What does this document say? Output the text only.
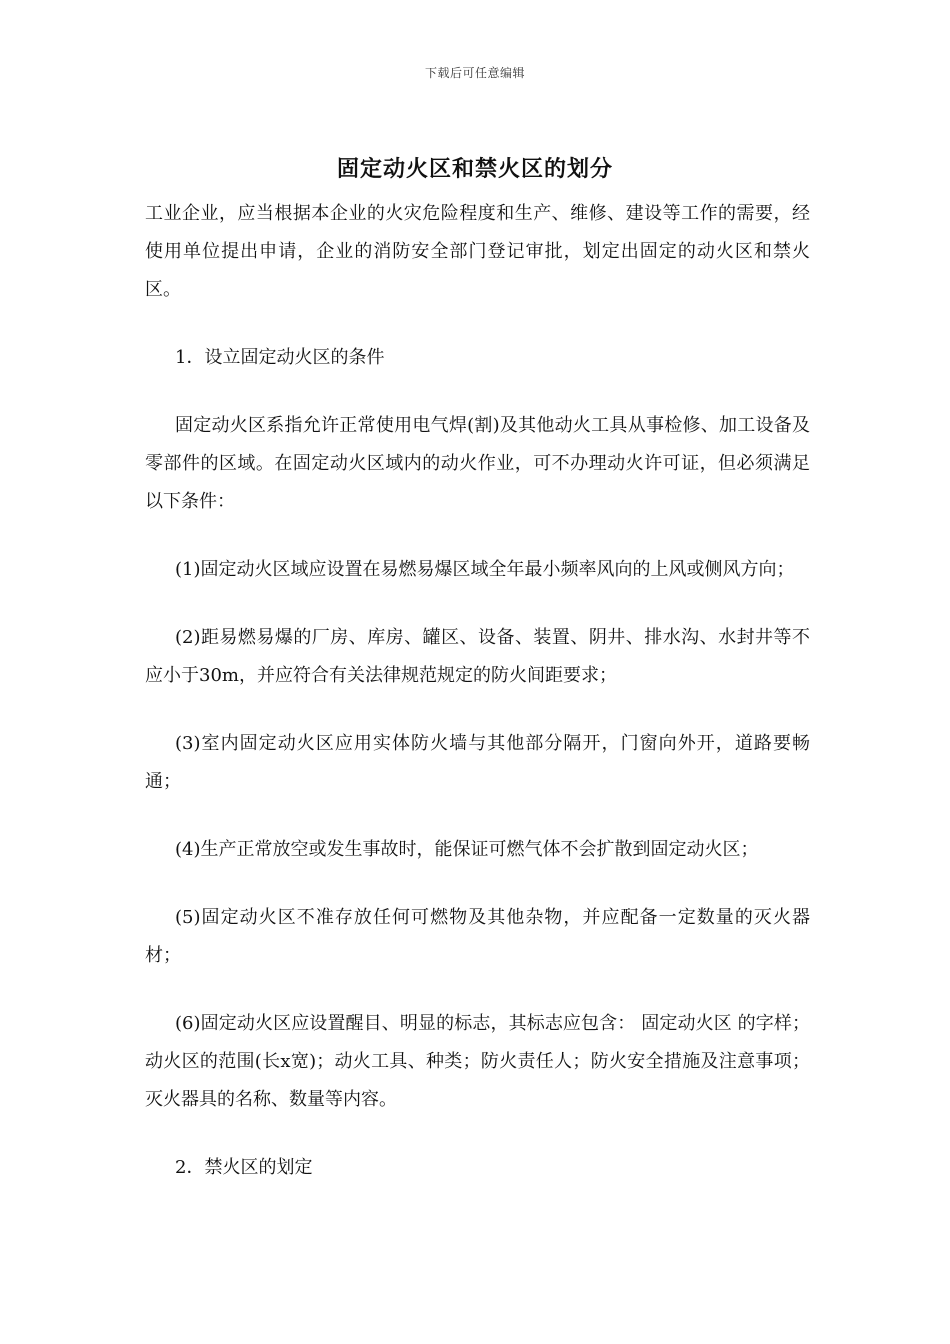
下载后可任意编辑
固定动火区和禁火区的划分

工业企业，应当根据本企业的火灾危险程度和生产、维修、建设等工作的需要，经使用单位提出申请，企业的消防安全部门登记审批，划定出固定的动火区和禁火区。

1．设立固定动火区的条件

固定动火区系指允许正常使用电气焊(割)及其他动火工具从事检修、加工设备及零部件的区域。在固定动火区域内的动火作业，可不办理动火许可证，但必须满足以下条件：

(1)固定动火区域应设置在易燃易爆区域全年最小频率风向的上风或侧风方向；

(2)距易燃易爆的厂房、库房、罐区、设备、装置、阴井、排水沟、水封井等不应小于30m，并应符合有关法律规范规定的防火间距要求；

(3)室内固定动火区应用实体防火墙与其他部分隔开，门窗向外开，道路要畅通；

(4)生产正常放空或发生事故时，能保证可燃气体不会扩散到固定动火区；

(5)固定动火区不准存放任何可燃物及其他杂物，并应配备一定数量的灭火器材；

(6)固定动火区应设置醒目、明显的标志，其标志应包含： 固定动火区 的字样；动火区的范围(长x宽)；动火工具、种类；防火责任人；防火安全措施及注意事项；灭火器具的名称、数量等内容。

2．禁火区的划定
